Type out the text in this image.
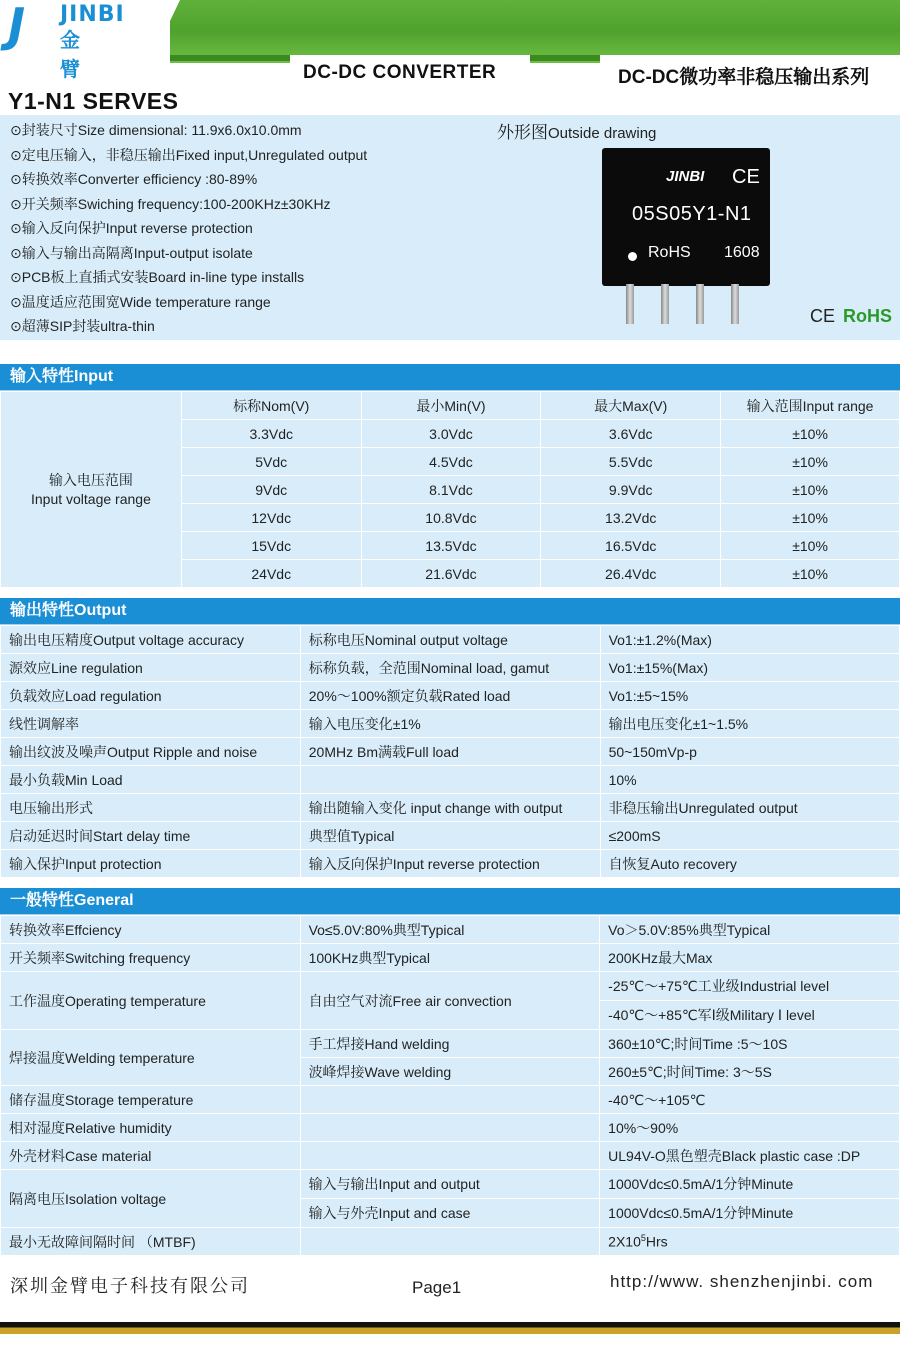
J JINBI
金臂	DC-DC CONVERTER	DC-DC微功率非稳压输出系列
Y1-N1 SERVES
⊙封装尺寸Size dimensional: 11.9x6.0x10.0mm
⊙定电压输入，非稳压输出Fixed input,Unregulated output
⊙转换效率Converter efficiency :80-89%
⊙开关频率Swiching frequency:100-200KHz±30KHz
⊙输入反向保护Input reverse protection
⊙输入与输出高隔离Input-output isolate
⊙PCB板上直插式安装Board in-line type installs
⊙温度适应范围宽Wide temperature range
⊙超薄SIP封装ultra-thin
外形图Outside drawing
JINBI CE
05S05Y1-N1
RoHS 1608
CE RoHS
输入特性Input
输入电压范围
Input voltage range	标称Nom(V)	最小Min(V)	最大Max(V)	输入范围Input range
	3.3Vdc	3.0Vdc	3.6Vdc	±10%
	5Vdc	4.5Vdc	5.5Vdc	±10%
	9Vdc	8.1Vdc	9.9Vdc	±10%
	12Vdc	10.8Vdc	13.2Vdc	±10%
	15Vdc	13.5Vdc	16.5Vdc	±10%
	24Vdc	21.6Vdc	26.4Vdc	±10%
输出特性Output
输出电压精度Output voltage accuracy	标称电压Nominal output voltage	Vo1:±1.2%(Max)
源效应Line regulation	标称负载，全范围Nominal load, gamut	Vo1:±15%(Max)
负载效应Load regulation	20%～100%额定负载Rated load	Vo1:±5~15%
线性调解率	输入电压变化±1%	输出电压变化±1~1.5%
输出纹波及噪声Output Ripple and noise	20MHz Bm满载Full load	50~150mVp-p
最小负载Min Load		10%
电压输出形式	输出随输入变化 input change with output	非稳压输出Unregulated output
启动延迟时间Start delay time	典型值Typical	≤200mS
输入保护Input protection	输入反向保护Input reverse protection	自恢复Auto recovery
一般特性General
转换效率Effciency	Vo≤5.0V:80%典型Typical	Vo＞5.0V:85%典型Typical
开关频率Switching frequency	100KHz典型Typical	200KHz最大Max
工作温度Operating temperature	自由空气对流Free air convection	-25℃～+75℃工业级Industrial level
		-40℃～+85℃军Ⅰ级Military Ⅰ level
焊接温度Welding temperature	手工焊接Hand welding	360±10℃;时间Time :5～10S
	波峰焊接Wave welding	260±5℃;时间Time: 3～5S
储存温度Storage temperature		-40℃～+105℃
相对湿度Relative humidity		10%～90%
外壳材料Case material		UL94V-O黑色塑壳Black plastic case :DP
隔离电压Isolation voltage	输入与输出Input and output	1000Vdc≤0.5mA/1分钟Minute
	输入与外壳Input and case	1000Vdc≤0.5mA/1分钟Minute
最小无故障间隔时间 （MTBF)		$2X10^5Hrs$
深圳金臂电子科技有限公司	Page1	http://www. shenzhenjinbi. com
